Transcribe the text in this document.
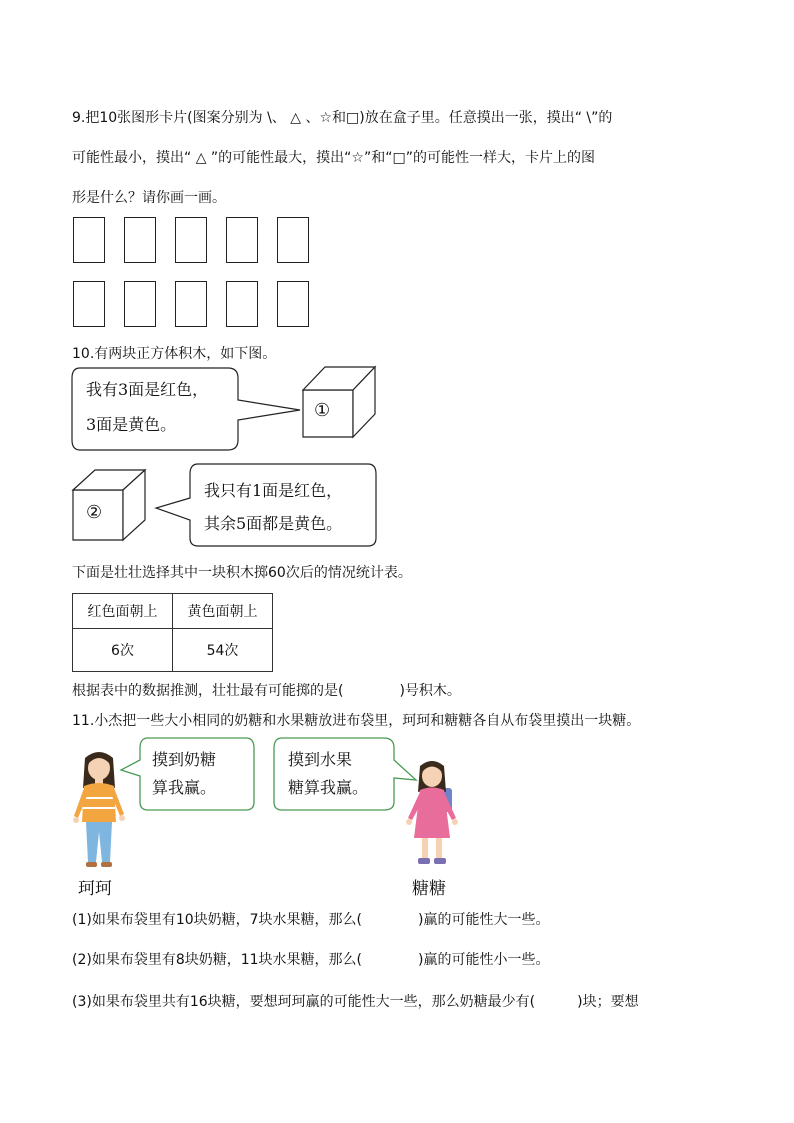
9.把10张图形卡片(图案分别为 \、 △ 、☆和□)放在盒子里。任意摸出一张，摸出“ \”的
可能性最小，摸出“ △ ”的可能性最大，摸出“☆”和“□”的可能性一样大，卡片上的图
形是什么？请你画一画。
10.有两块正方体积木，如下图。
我有3面是红色，
3面是黄色。
①
②
我只有1面是红色，
其余5面都是黄色。
下面是壮壮选择其中一块积木掷60次后的情况统计表。
红色面朝上	黄色面朝上
6次	54次
根据表中的数据推测，壮壮最有可能掷的是(　　　　)号积木。
11.小杰把一些大小相同的奶糖和水果糖放进布袋里，珂珂和糖糖各自从布袋里摸出一块糖。
摸到奶糖
算我赢。
摸到水果
糖算我赢。
珂珂	糖糖
(1)如果布袋里有10块奶糖，7块水果糖，那么(　　　　)赢的可能性大一些。
(2)如果布袋里有8块奶糖，11块水果糖，那么(　　　　)赢的可能性小一些。
(3)如果布袋里共有16块糖，要想珂珂赢的可能性大一些，那么奶糖最少有(　　　)块；要想
